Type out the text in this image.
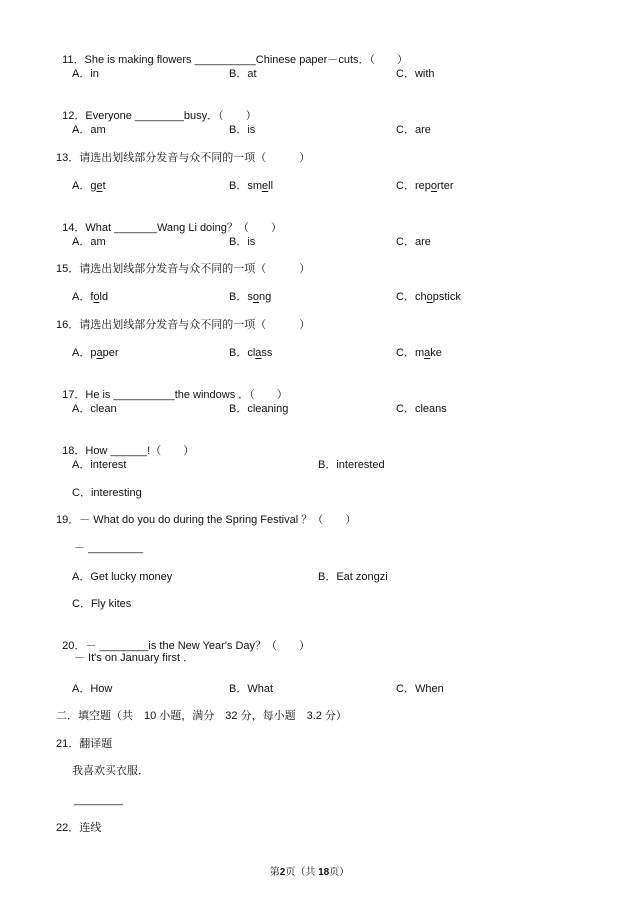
11．She is making flowers __________Chinese paper－cuts．（　　）

A．in	B．at	C．with

12．Everyone ________busy．（　　）

A．am	B．is	C．are
13．请选出划线部分发音与众不同的一项（　　　）
A．get	B．smell	C．reporter

14．What _______Wang Li doing？（　　）

A．am	B．is	C．are
15．请选出划线部分发音与众不同的一项（　　　）
A．fold	B．song	C．chopstick
16．请选出划线部分发音与众不同的一项（　　　）
A．paper	B．class	C．make

17．He is __________the windows ．（　　）

A．clean	B．cleaning	C．cleans

18．How ______!（　　）

A．interest	B．interested
C．interesting
19．－ What do you do during the Spring Festival ？（　　）
－ _________
A．Get lucky money	B．Eat zongzi
C．Fly kites

20．－ ________is the New Year's Day？（　　）

－ It's on January first ．
A．How	B．What	C．When
二．填空题（共　10 小题，满分　32 分，每小题　3.2 分）
21．翻译题
我喜欢买衣服．
________
22．连线
第2页（共 18页）
